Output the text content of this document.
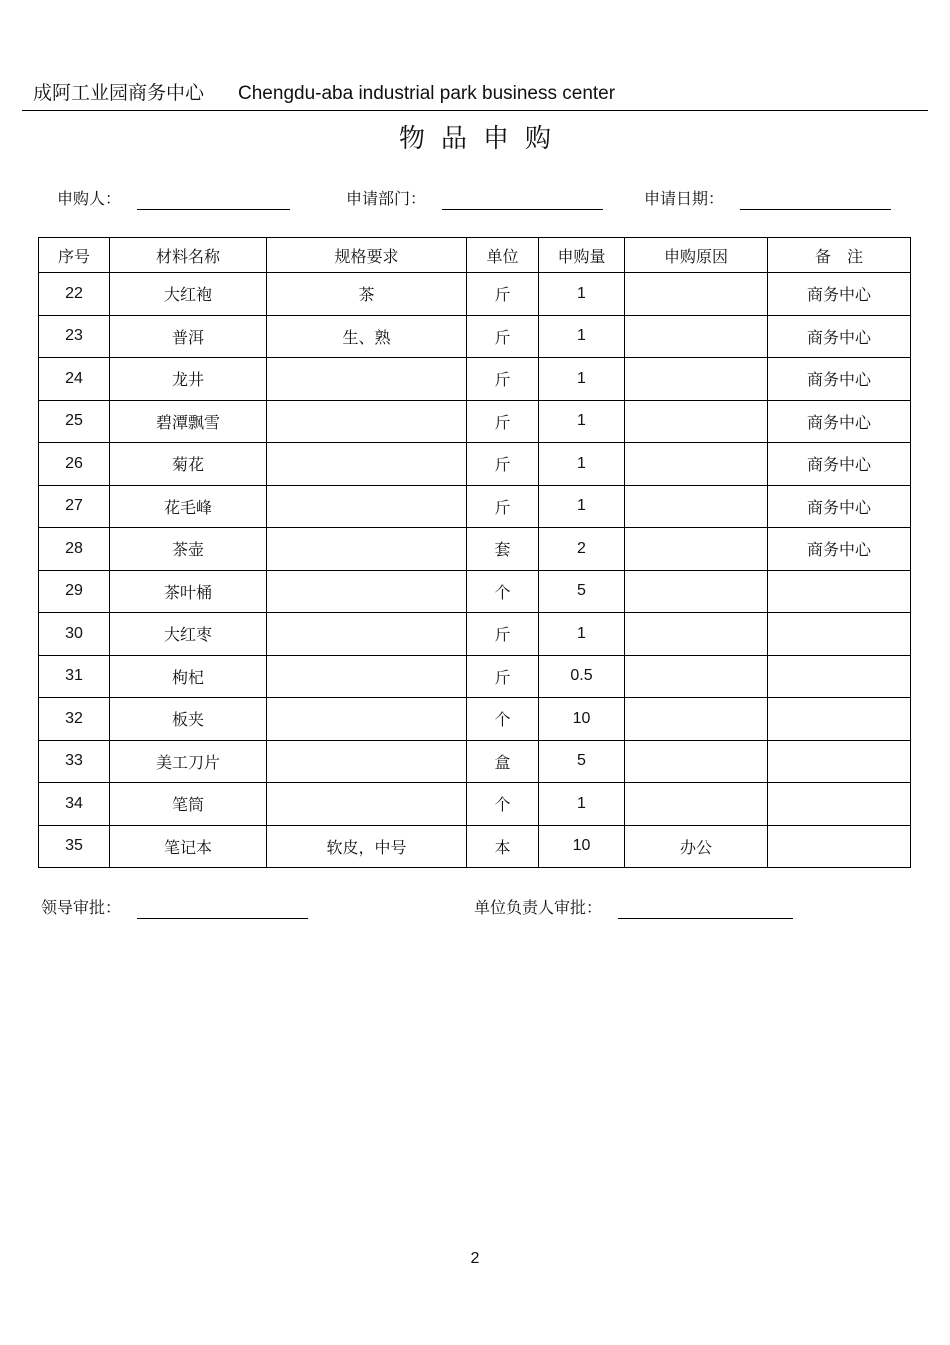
成阿工业园商务中心 Chengdu-aba industrial park business center
物品申购
申购人：	申请部门：	申请日期：
序号	材料名称	规格要求	单位	申购量	申购原因	备　注
22	大红袍	茶	斤	1		商务中心
23	普洱	生、熟	斤	1		商务中心
24	龙井		斤	1		商务中心
25	碧潭飘雪		斤	1		商务中心
26	菊花		斤	1		商务中心
27	花毛峰		斤	1		商务中心
28	茶壶		套	2		商务中心
29	茶叶桶		个	5		
30	大红枣		斤	1		
31	枸杞		斤	0.5		
32	板夹		个	10		
33	美工刀片		盒	5		
34	笔筒		个	1		
35	笔记本	软皮，中号	本	10	办公	
领导审批：	单位负责人审批：
2
